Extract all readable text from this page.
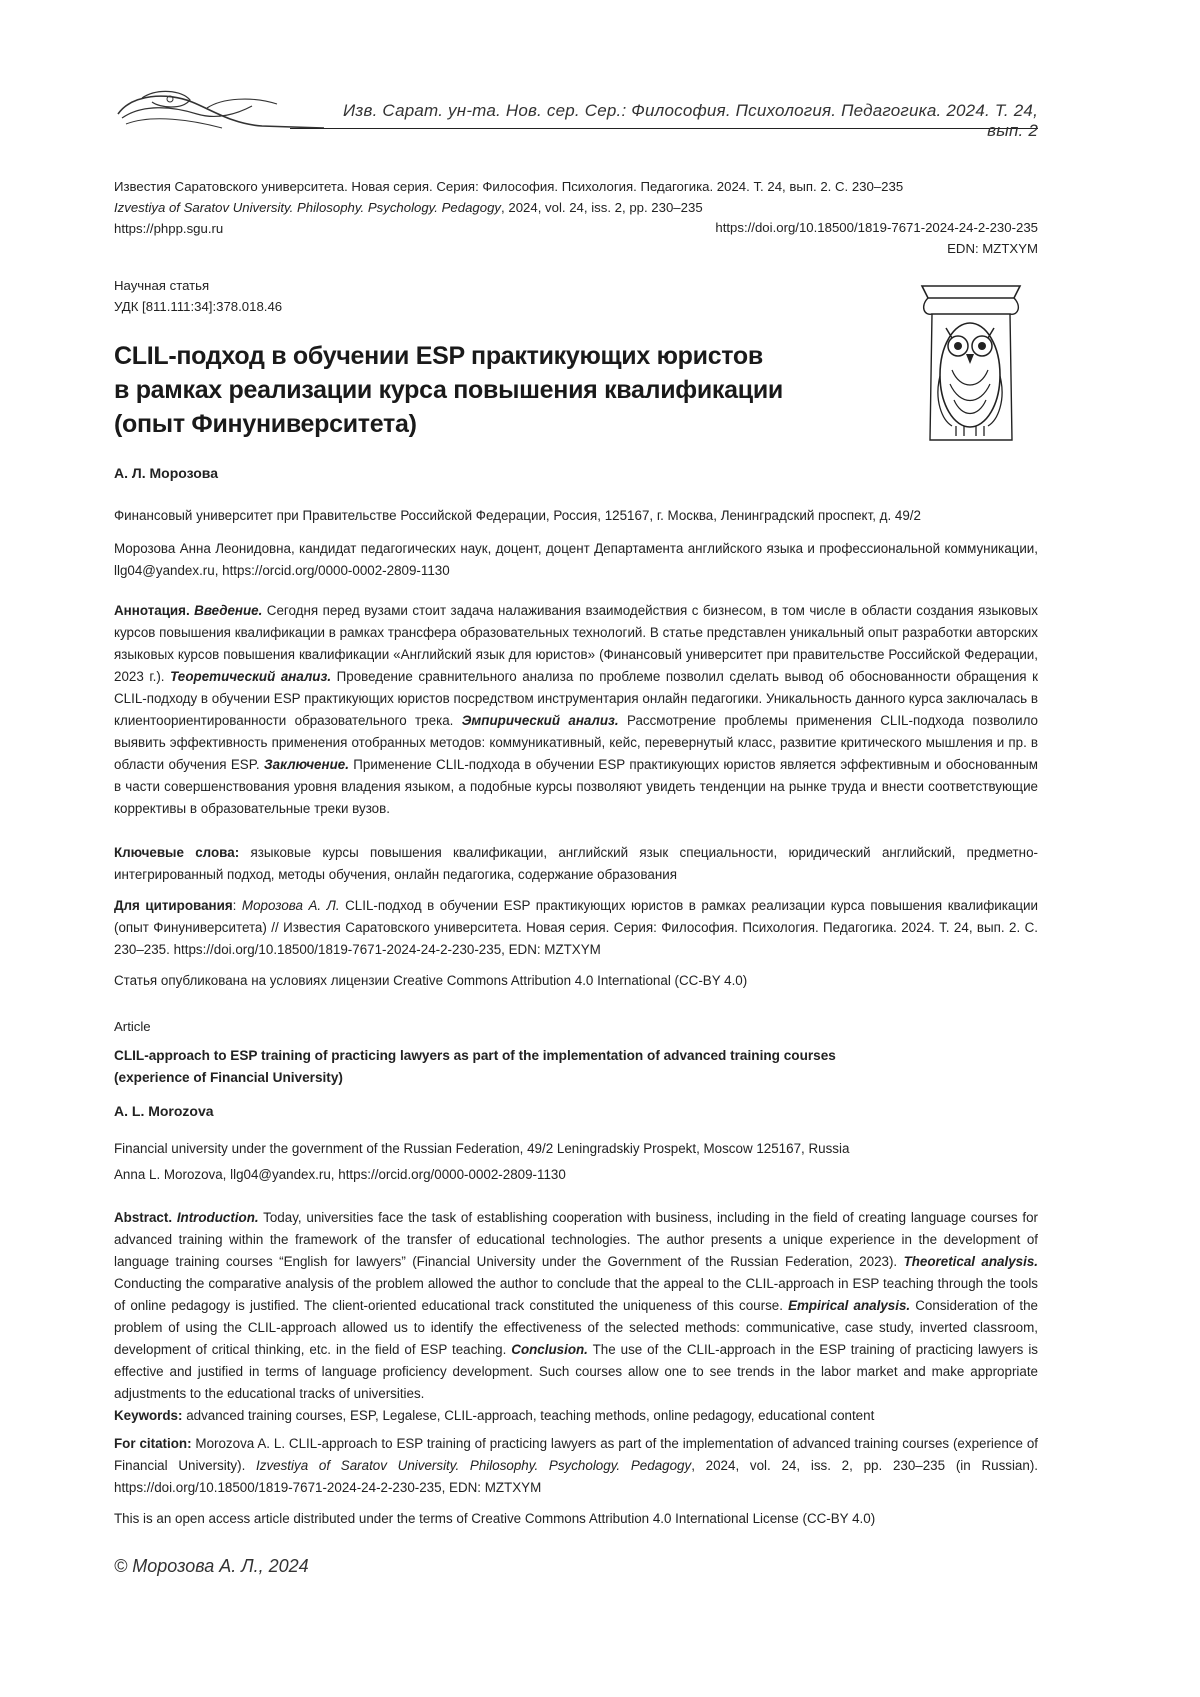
Изв. Сарат. ун-та. Нов. сер. Сер.: Философия. Психология. Педагогика. 2024. Т. 24, вып. 2
Известия Саратовского университета. Новая серия. Серия: Философия. Психология. Педагогика. 2024. Т. 24, вып. 2. С. 230–235
Izvestiya of Saratov University. Philosophy. Psychology. Pedagogy, 2024, vol. 24, iss. 2, pp. 230–235
https://phpp.sgu.ru	https://doi.org/10.18500/1819-7671-2024-24-2-230-235
EDN: MZTXYM
Научная статья
УДК [811.111:34]:378.018.46
CLIL-подход в обучении ESP практикующих юристов
в рамках реализации курса повышения квалификации
(опыт Финуниверситета)
А. Л. Морозова
Финансовый университет при Правительстве Российской Федерации, Россия, 125167, г. Москва, Ленинградский проспект, д. 49/2
Морозова Анна Леонидовна, кандидат педагогических наук, доцент, доцент Департамента английского языка и профессиональной коммуникации, llg04@yandex.ru, https://orcid.org/0000-0002-2809-1130

Аннотация. Введение. Сегодня перед вузами стоит задача налаживания взаимодействия с бизнесом, в том числе в области создания языковых курсов повышения квалификации в рамках трансфера образовательных технологий. В статье представлен уникальный опыт разработки авторских языковых курсов повышения квалификации «Английский язык для юристов» (Финансовый университет при правительстве Российской Федерации, 2023 г.). Теоретический анализ. Проведение сравнительного анализа по проблеме позволил сделать вывод об обоснованности обращения к CLIL-подходу в обучении ESP практикующих юристов посредством инструментария онлайн педагогики. Уникальность данного курса заключалась в клиентоориентированности образовательного трека. Эмпирический анализ. Рассмотрение проблемы применения CLIL-подхода позволило выявить эффективность применения отобранных методов: коммуникативный, кейс, перевернутый класс, развитие критического мышления и пр. в области обучения ESP. Заключение. Применение CLIL-подхода в обучении ESP практикующих юристов является эффективным и обоснованным в части совершенствования уровня владения языком, а подобные курсы позволяют увидеть тенденции на рынке труда и внести соответствующие коррективы в образовательные треки вузов.

Ключевые слова: языковые курсы повышения квалификации, английский язык специальности, юридический английский, предметно-интегрированный подход, методы обучения, онлайн педагогика, содержание образования

Для цитирования: Морозова А. Л. CLIL-подход в обучении ESP практикующих юристов в рамках реализации курса повышения квалификации (опыт Финуниверситета) // Известия Саратовского университета. Новая серия. Серия: Философия. Психология. Педагогика. 2024. Т. 24, вып. 2. С. 230–235. https://doi.org/10.18500/1819-7671-2024-24-2-230-235, EDN: MZTXYM

Статья опубликована на условиях лицензии Creative Commons Attribution 4.0 International (CC-BY 4.0)
Article
CLIL-approach to ESP training of practicing lawyers as part of the implementation of advanced training courses
(experience of Financial University)
A. L. Morozova
Financial university under the government of the Russian Federation, 49/2 Leningradskiy Prospekt, Moscow 125167, Russia
Anna L. Morozova, llg04@yandex.ru, https://orcid.org/0000-0002-2809-1130

Abstract. Introduction. Today, universities face the task of establishing cooperation with business, including in the field of creating language courses for advanced training within the framework of the transfer of educational technologies. The author presents a unique experience in the development of language training courses “English for lawyers” (Financial University under the Government of the Russian Federation, 2023). Theoretical analysis. Conducting the comparative analysis of the problem allowed the author to conclude that the appeal to the CLIL-approach in ESP teaching through the tools of online pedagogy is justified. The client-oriented educational track constituted the uniqueness of this course. Empirical analysis. Consideration of the problem of using the CLIL-approach allowed us to identify the effectiveness of the selected methods: communicative, case study, inverted classroom, development of critical thinking, etc. in the field of ESP teaching. Conclusion. The use of the CLIL-approach in the ESP training of practicing lawyers is effective and justified in terms of language proficiency development. Such courses allow one to see trends in the labor market and make appropriate adjustments to the educational tracks of universities.

Keywords: advanced training courses, ESP, Legalese, CLIL-approach, teaching methods, online pedagogy, educational content

For citation: Morozova A. L. CLIL-approach to ESP training of practicing lawyers as part of the implementation of advanced training courses (experience of Financial University). Izvestiya of Saratov University. Philosophy. Psychology. Pedagogy, 2024, vol. 24, iss. 2, pp. 230–235 (in Russian). https://doi.org/10.18500/1819-7671-2024-24-2-230-235, EDN: MZTXYM

This is an open access article distributed under the terms of Creative Commons Attribution 4.0 International License (CC-BY 4.0)
© Морозова А. Л., 2024
